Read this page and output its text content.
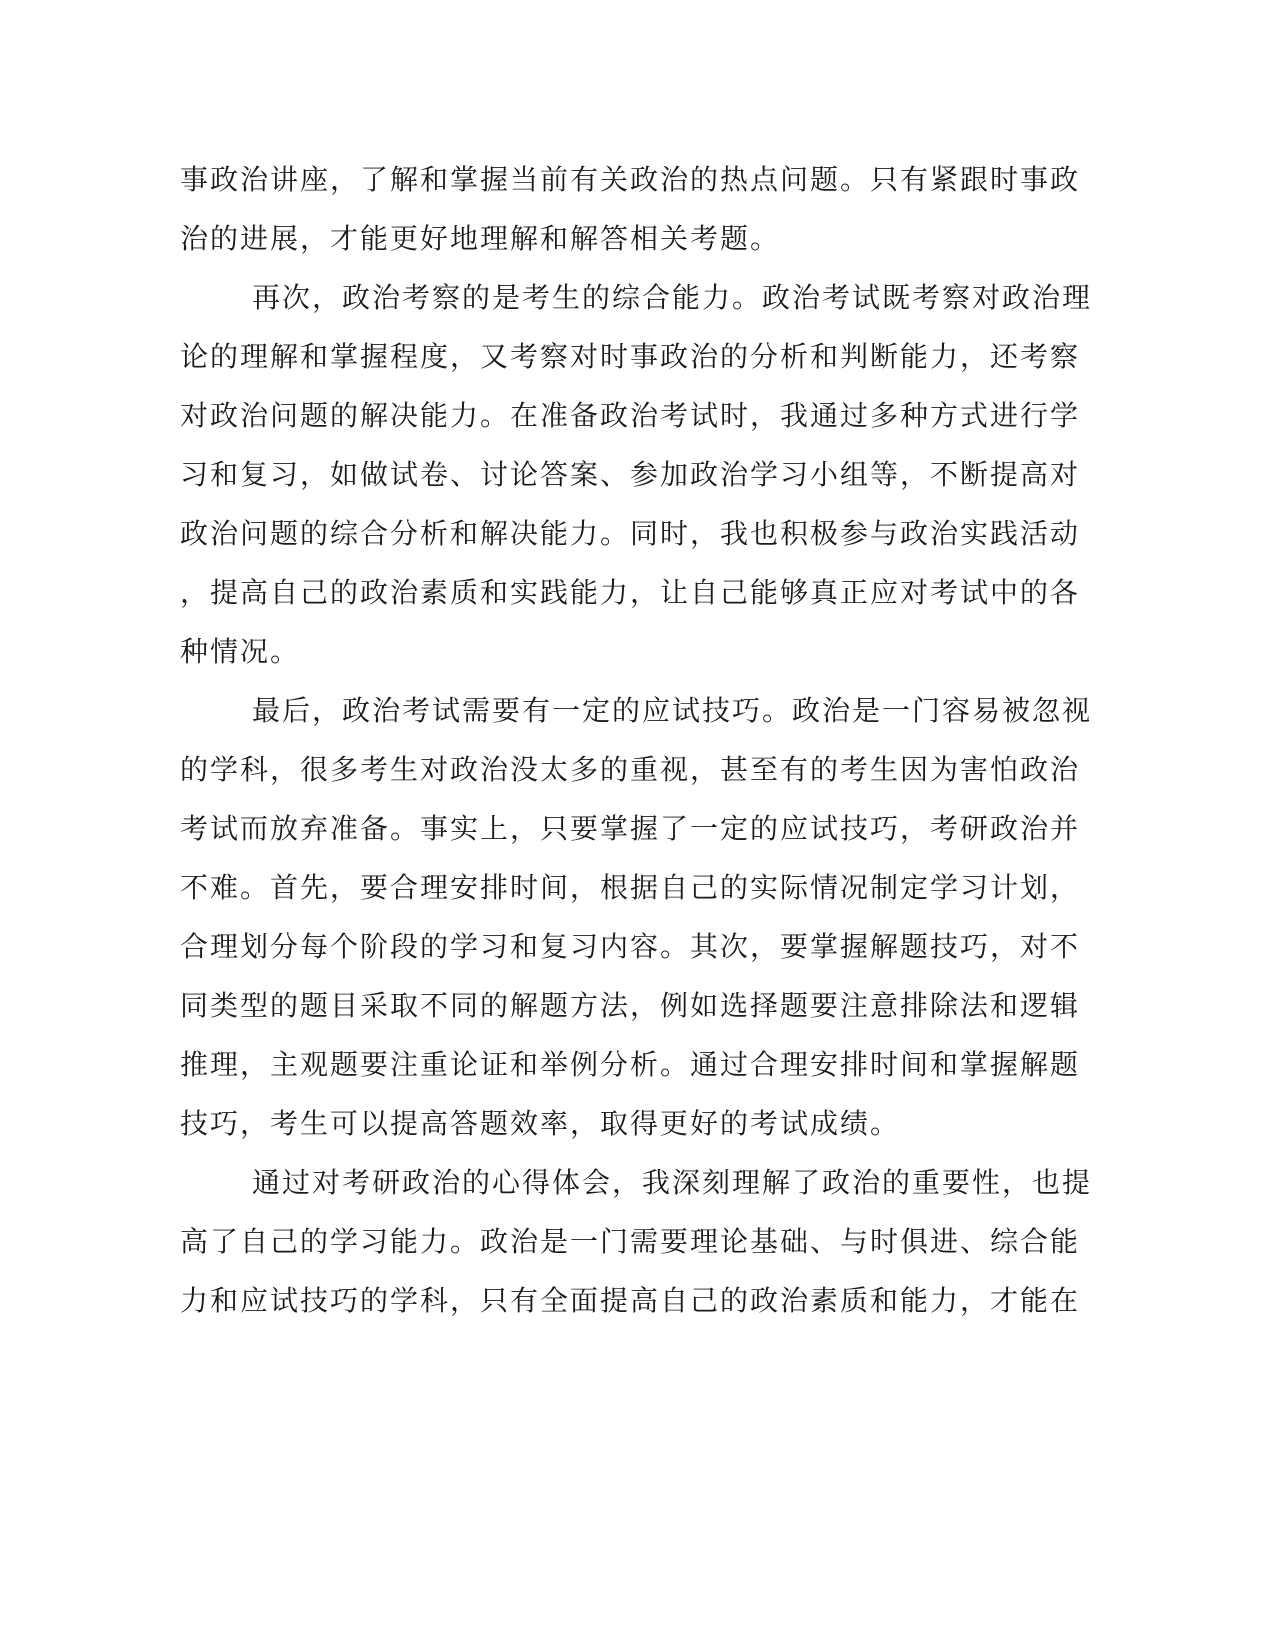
事政治讲座，了解和掌握当前有关政治的热点问题。只有紧跟时事政
治的进展，才能更好地理解和解答相关考题。
再次，政治考察的是考生的综合能力。政治考试既考察对政治理
论的理解和掌握程度，又考察对时事政治的分析和判断能力，还考察
对政治问题的解决能力。在准备政治考试时，我通过多种方式进行学
习和复习，如做试卷、讨论答案、参加政治学习小组等，不断提高对
政治问题的综合分析和解决能力。同时，我也积极参与政治实践活动
，提高自己的政治素质和实践能力，让自己能够真正应对考试中的各
种情况。
最后，政治考试需要有一定的应试技巧。政治是一门容易被忽视
的学科，很多考生对政治没太多的重视，甚至有的考生因为害怕政治
考试而放弃准备。事实上，只要掌握了一定的应试技巧，考研政治并
不难。首先，要合理安排时间，根据自己的实际情况制定学习计划，
合理划分每个阶段的学习和复习内容。其次，要掌握解题技巧，对不
同类型的题目采取不同的解题方法，例如选择题要注意排除法和逻辑
推理，主观题要注重论证和举例分析。通过合理安排时间和掌握解题
技巧，考生可以提高答题效率，取得更好的考试成绩。
通过对考研政治的心得体会，我深刻理解了政治的重要性，也提
高了自己的学习能力。政治是一门需要理论基础、与时俱进、综合能
力和应试技巧的学科，只有全面提高自己的政治素质和能力，才能在
